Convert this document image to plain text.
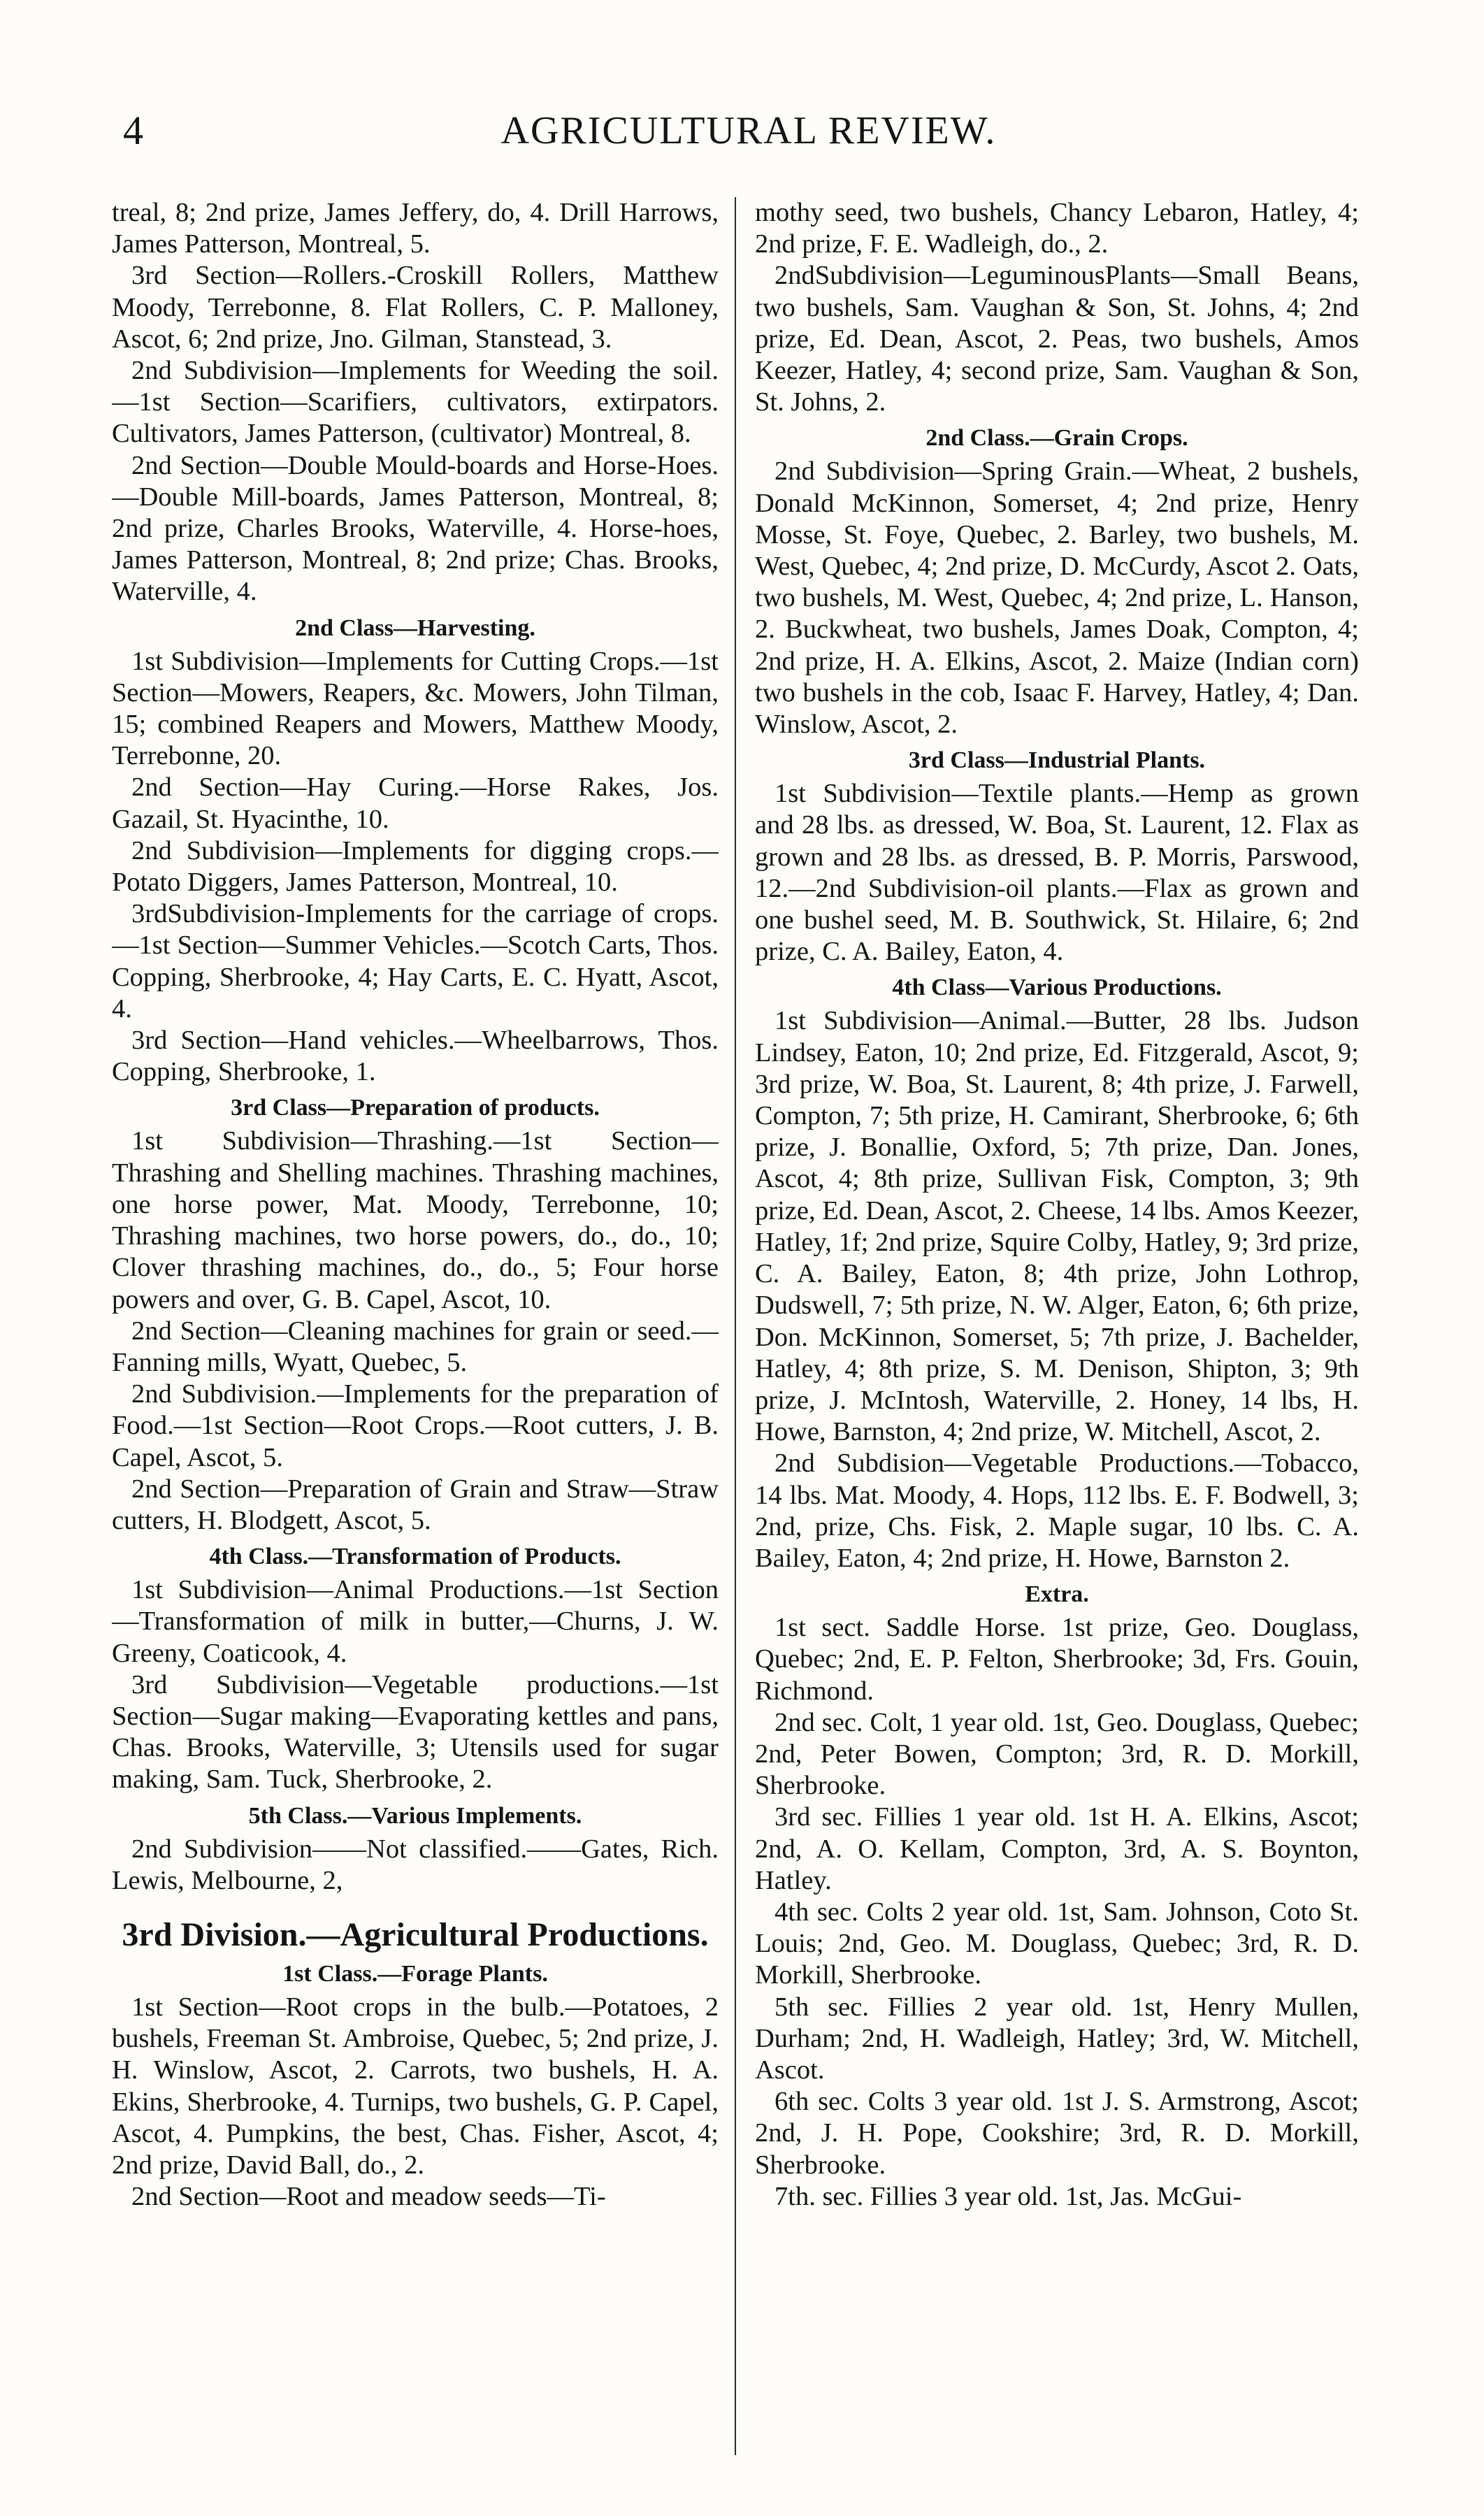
4	AGRICULTURAL REVIEW.

treal, 8; 2nd prize, James Jeffery, do, 4. Drill Harrows, James Patterson, Montreal, 5.

3rd Section—Rollers.-Croskill Rollers, Matthew Moody, Terrebonne, 8. Flat Rollers, C. P. Malloney, Ascot, 6; 2nd prize, Jno. Gilman, Stanstead, 3.

2nd Subdivision—Implements for Weeding the soil.—1st Section—Scarifiers, cultivators, extirpators. Cultivators, James Patterson, (cultivator) Montreal, 8.

2nd Section—Double Mould-boards and Horse-Hoes.—Double Mill-boards, James Patterson, Montreal, 8; 2nd prize, Charles Brooks, Waterville, 4. Horse-hoes, James Patterson, Montreal, 8; 2nd prize; Chas. Brooks, Waterville, 4.

2nd Class—Harvesting.

1st Subdivision—Implements for Cutting Crops.—1st Section—Mowers, Reapers, &c. Mowers, John Tilman, 15; combined Reapers and Mowers, Matthew Moody, Terrebonne, 20.

2nd Section—Hay Curing.—Horse Rakes, Jos. Gazail, St. Hyacinthe, 10.

2nd Subdivision—Implements for digging crops.—Potato Diggers, James Patterson, Montreal, 10.

3rdSubdivision-Implements for the carriage of crops.—1st Section—Summer Vehicles.—Scotch Carts, Thos. Copping, Sherbrooke, 4; Hay Carts, E. C. Hyatt, Ascot, 4.

3rd Section—Hand vehicles.—Wheelbarrows, Thos. Copping, Sherbrooke, 1.

3rd Class—Preparation of products.

1st Subdivision—Thrashing.—1st Section—Thrashing and Shelling machines. Thrashing machines, one horse power, Mat. Moody, Terrebonne, 10; Thrashing machines, two horse powers, do., do., 10; Clover thrashing machines, do., do., 5; Four horse powers and over, G. B. Capel, Ascot, 10.

2nd Section—Cleaning machines for grain or seed.—Fanning mills, Wyatt, Quebec, 5.

2nd Subdivision.—Implements for the preparation of Food.—1st Section—Root Crops.—Root cutters, J. B. Capel, Ascot, 5.

2nd Section—Preparation of Grain and Straw—Straw cutters, H. Blodgett, Ascot, 5.

4th Class.—Transformation of Products.

1st Subdivision—Animal Productions.—1st Section—Transformation of milk in butter,—Churns, J. W. Greeny, Coaticook, 4.

3rd Subdivision—Vegetable productions.—1st Section—Sugar making—Evaporating kettles and pans, Chas. Brooks, Waterville, 3; Utensils used for sugar making, Sam. Tuck, Sherbrooke, 2.

5th Class.—Various Implements.

2nd Subdivision——Not classified.——Gates, Rich. Lewis, Melbourne, 2,

3rd Division.—Agricultural Productions.
1st Class.—Forage Plants.

1st Section—Root crops in the bulb.—Potatoes, 2 bushels, Freeman St. Ambroise, Quebec, 5; 2nd prize, J. H. Winslow, Ascot, 2. Carrots, two bushels, H. A. Ekins, Sherbrooke, 4. Turnips, two bushels, G. P. Capel, Ascot, 4. Pumpkins, the best, Chas. Fisher, Ascot, 4; 2nd prize, David Ball, do., 2.

2nd Section—Root and meadow seeds—Ti-

mothy seed, two bushels, Chancy Lebaron, Hatley, 4; 2nd prize, F. E. Wadleigh, do., 2.

2ndSubdivision—LeguminousPlants—Small Beans, two bushels, Sam. Vaughan & Son, St. Johns, 4; 2nd prize, Ed. Dean, Ascot, 2. Peas, two bushels, Amos Keezer, Hatley, 4; second prize, Sam. Vaughan & Son, St. Johns, 2.

2nd Class.—Grain Crops.

2nd Subdivision—Spring Grain.—Wheat, 2 bushels, Donald McKinnon, Somerset, 4; 2nd prize, Henry Mosse, St. Foye, Quebec, 2. Barley, two bushels, M. West, Quebec, 4; 2nd prize, D. McCurdy, Ascot 2. Oats, two bushels, M. West, Quebec, 4; 2nd prize, L. Hanson, 2. Buckwheat, two bushels, James Doak, Compton, 4; 2nd prize, H. A. Elkins, Ascot, 2. Maize (Indian corn) two bushels in the cob, Isaac F. Harvey, Hatley, 4; Dan. Winslow, Ascot, 2.

3rd Class—Industrial Plants.

1st Subdivision—Textile plants.—Hemp as grown and 28 lbs. as dressed, W. Boa, St. Laurent, 12. Flax as grown and 28 lbs. as dressed, B. P. Morris, Parswood, 12.—2nd Subdivision-oil plants.—Flax as grown and one bushel seed, M. B. Southwick, St. Hilaire, 6; 2nd prize, C. A. Bailey, Eaton, 4.

4th Class—Various Productions.

1st Subdivision—Animal.—Butter, 28 lbs. Judson Lindsey, Eaton, 10; 2nd prize, Ed. Fitzgerald, Ascot, 9; 3rd prize, W. Boa, St. Laurent, 8; 4th prize, J. Farwell, Compton, 7; 5th prize, H. Camirant, Sherbrooke, 6; 6th prize, J. Bonallie, Oxford, 5; 7th prize, Dan. Jones, Ascot, 4; 8th prize, Sullivan Fisk, Compton, 3; 9th prize, Ed. Dean, Ascot, 2. Cheese, 14 lbs. Amos Keezer, Hatley, 1f; 2nd prize, Squire Colby, Hatley, 9; 3rd prize, C. A. Bailey, Eaton, 8; 4th prize, John Lothrop, Dudswell, 7; 5th prize, N. W. Alger, Eaton, 6; 6th prize, Don. McKinnon, Somerset, 5; 7th prize, J. Bachelder, Hatley, 4; 8th prize, S. M. Denison, Shipton, 3; 9th prize, J. McIntosh, Waterville, 2. Honey, 14 lbs, H. Howe, Barnston, 4; 2nd prize, W. Mitchell, Ascot, 2.

2nd Subdision—Vegetable Productions.—Tobacco, 14 lbs. Mat. Moody, 4. Hops, 112 lbs. E. F. Bodwell, 3; 2nd, prize, Chs. Fisk, 2. Maple sugar, 10 lbs. C. A. Bailey, Eaton, 4; 2nd prize, H. Howe, Barnston 2.

Extra.

1st sect. Saddle Horse. 1st prize, Geo. Douglass, Quebec; 2nd, E. P. Felton, Sherbrooke; 3d, Frs. Gouin, Richmond.

2nd sec. Colt, 1 year old. 1st, Geo. Douglass, Quebec; 2nd, Peter Bowen, Compton; 3rd, R. D. Morkill, Sherbrooke.

3rd sec. Fillies 1 year old. 1st H. A. Elkins, Ascot; 2nd, A. O. Kellam, Compton, 3rd, A. S. Boynton, Hatley.

4th sec. Colts 2 year old. 1st, Sam. Johnson, Coto St. Louis; 2nd, Geo. M. Douglass, Quebec; 3rd, R. D. Morkill, Sherbrooke.

5th sec. Fillies 2 year old. 1st, Henry Mullen, Durham; 2nd, H. Wadleigh, Hatley; 3rd, W. Mitchell, Ascot.

6th sec. Colts 3 year old. 1st J. S. Armstrong, Ascot; 2nd, J. H. Pope, Cookshire; 3rd, R. D. Morkill, Sherbrooke.

7th. sec. Fillies 3 year old. 1st, Jas. McGui-
